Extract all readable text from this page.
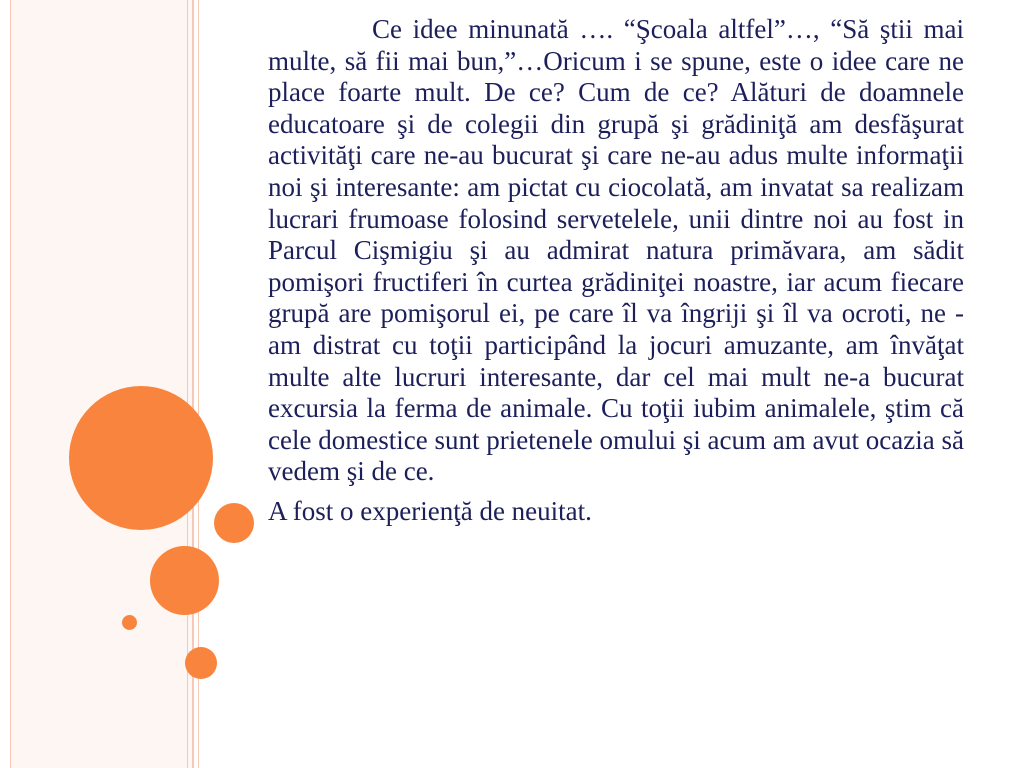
Ce idee minunată …. “Şcoala altfel”…, “Să ştii mai multe, să fii mai bun,”…Oricum i se spune, este o idee care ne place foarte mult. De ce? Cum de ce? Alături de doamnele educatoare şi de colegii din grupă şi grădiniţă am desfăşurat activităţi care ne-au bucurat şi care ne-au adus multe informaţii noi şi interesante: am pictat cu ciocolată, am invatat sa realizam lucrari frumoase folosind servetelele, unii dintre noi au fost in Parcul Cişmigiu şi au admirat natura primăvara, am sădit pomişori fructiferi în curtea grădiniţei noastre, iar acum fiecare grupă are pomişorul ei, pe care îl va îngriji şi îl va ocroti, ne - am distrat cu toţii participând la jocuri amuzante, am învăţat multe alte lucruri interesante, dar cel mai mult ne-a bucurat excursia la ferma de animale. Cu toţii iubim animalele, ştim că cele domestice sunt prietenele omului şi acum am avut ocazia să vedem şi de ce.

A fost o experienţă de neuitat.
